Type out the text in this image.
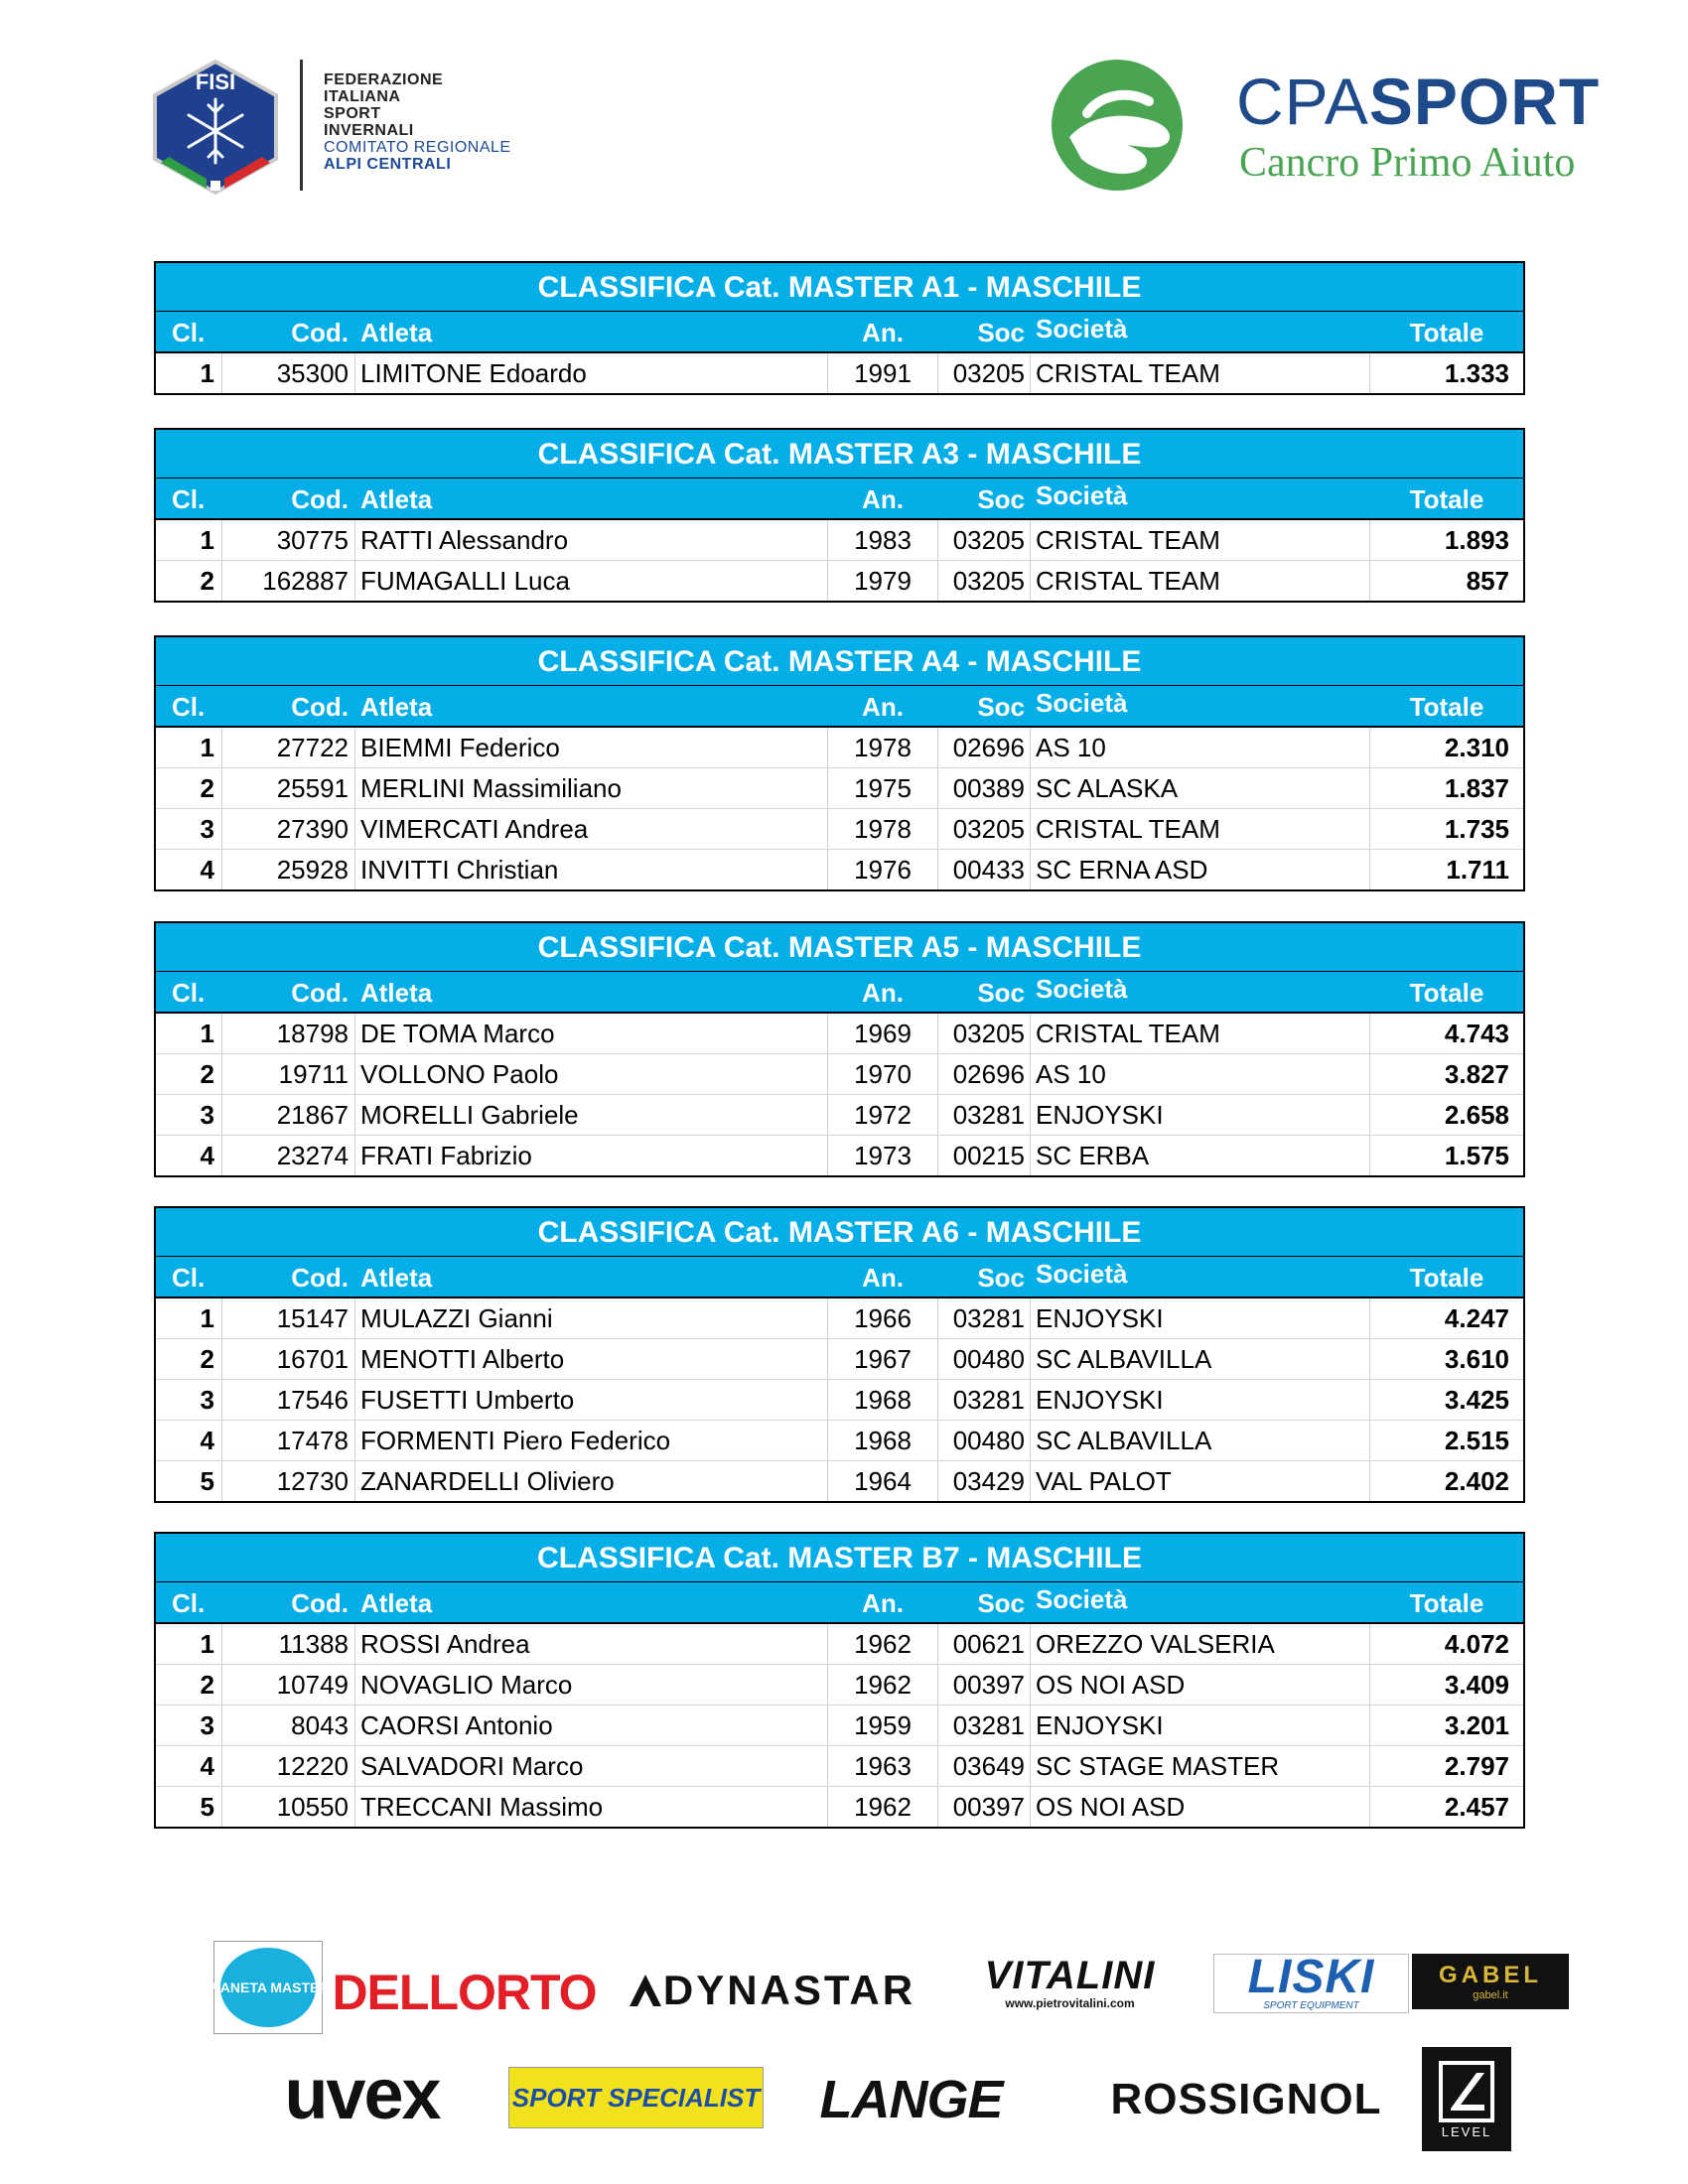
FISI	FEDERAZIONE
ITALIANA
SPORT
INVERNALI
COMITATO REGIONALE
ALPI CENTRALI
CPASPORT
Cancro Primo Aiuto
CLASSIFICA Cat. MASTER A1 - MASCHILE
Cl.	Cod. Atleta	An.	Soc Società	Totale
1	35300 LIMITONE Edoardo	1991	03205 CRISTAL TEAM	1.333
CLASSIFICA Cat. MASTER A3 - MASCHILE
Cl.	Cod. Atleta	An.	Soc Società	Totale
1	30775 RATTI Alessandro	1983	03205 CRISTAL TEAM	1.893
2	162887 FUMAGALLI Luca	1979	03205 CRISTAL TEAM	857
CLASSIFICA Cat. MASTER A4 - MASCHILE
Cl.	Cod. Atleta	An.	Soc Società	Totale
1	27722 BIEMMI Federico	1978	02696 AS 10	2.310
2	25591 MERLINI Massimiliano	1975	00389 SC ALASKA	1.837
3	27390 VIMERCATI Andrea	1978	03205 CRISTAL TEAM	1.735
4	25928 INVITTI Christian	1976	00433 SC ERNA ASD	1.711
CLASSIFICA Cat. MASTER A5 - MASCHILE
Cl.	Cod. Atleta	An.	Soc Società	Totale
1	18798 DE TOMA Marco	1969	03205 CRISTAL TEAM	4.743
2	19711 VOLLONO Paolo	1970	02696 AS 10	3.827
3	21867 MORELLI Gabriele	1972	03281 ENJOYSKI	2.658
4	23274 FRATI Fabrizio	1973	00215 SC ERBA	1.575
CLASSIFICA Cat. MASTER A6 - MASCHILE
Cl.	Cod. Atleta	An.	Soc Società	Totale
1	15147 MULAZZI Gianni	1966	03281 ENJOYSKI	4.247
2	16701 MENOTTI Alberto	1967	00480 SC ALBAVILLA	3.610
3	17546 FUSETTI Umberto	1968	03281 ENJOYSKI	3.425
4	17478 FORMENTI Piero Federico	1968	00480 SC ALBAVILLA	2.515
5	12730 ZANARDELLI Oliviero	1964	03429 VAL PALOT	2.402
CLASSIFICA Cat. MASTER B7 - MASCHILE
Cl.	Cod. Atleta	An.	Soc Società	Totale
1	11388 ROSSI Andrea	1962	00621 OREZZO VALSERIA	4.072
2	10749 NOVAGLIO Marco	1962	00397 OS NOI ASD	3.409
3	8043 CAORSI Antonio	1959	03281 ENJOYSKI	3.201
4	12220 SALVADORI Marco	1963	03649 SC STAGE MASTER	2.797
5	10550 TRECCANI Massimo	1962	00397 OS NOI ASD	2.457
PIANETA MASTER DELLORTO DYNASTAR VITALINI
www.pietrovitalini.com LISKI
SPORT EQUIPMENT
GABEL
gabel.it
uvex	SPORT SPECIALIST	LANGE	ROSSIGNOL
LEVEL
